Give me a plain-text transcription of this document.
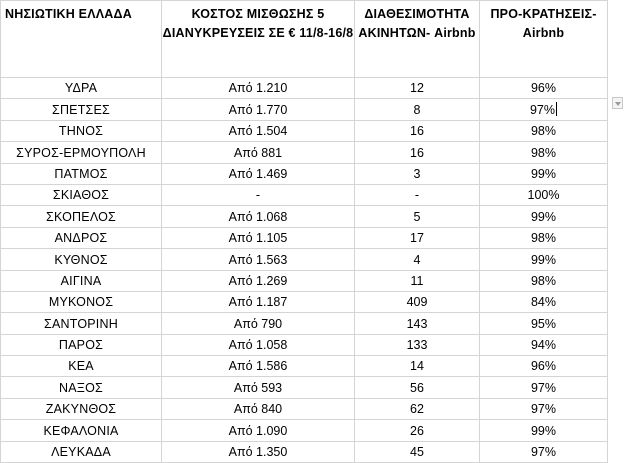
ΝΗΣΙΩΤΙΚΗ ΕΛΛΑΔΑ	ΚΟΣΤΟΣ ΜΙΣΘΩΣΗΣ 5 ΔΙΑΝΥΚΡΕΥΣΕΙΣ ΣΕ € 11/8-16/8	ΔΙΑΘΕΣΙΜΟΤΗΤΑ ΑΚΙΝΗΤΩΝ- Airbnb	ΠΡΟ-ΚΡΑΤΗΣΕΙΣ- Airbnb	
ΥΔΡΑ	Από 1.210	12	96%	
ΣΠΕΤΣΕΣ	Από 1.770	8	97%	
ΤΗΝΟΣ	Από 1.504	16	98%	
ΣΥΡΟΣ-ΕΡΜΟΥΠΟΛΗ	Από 881	16	98%	
ΠΑΤΜΟΣ	Από 1.469	3	99%	
ΣΚΙΑΘΟΣ	-	-	100%	
ΣΚΟΠΕΛΟΣ	Από 1.068	5	99%	
ΑΝΔΡΟΣ	Από 1.105	17	98%	
ΚΥΘΝΟΣ	Από 1.563	4	99%	
ΑΙΓΙΝΑ	Από 1.269	11	98%	
ΜΥΚΟΝΟΣ	Από 1.187	409	84%	
ΣΑΝΤΟΡΙΝΗ	Από 790	143	95%	
ΠΑΡΟΣ	Από 1.058	133	94%	
ΚΕΑ	Από 1.586	14	96%	
ΝΑΞΟΣ	Από 593	56	97%	
ΖΑΚΥΝΘΟΣ	Από 840	62	97%	
ΚΕΦΑΛΟΝΙΑ	Από 1.090	26	99%	
ΛΕΥΚΑΔΑ	Από 1.350	45	97%	
